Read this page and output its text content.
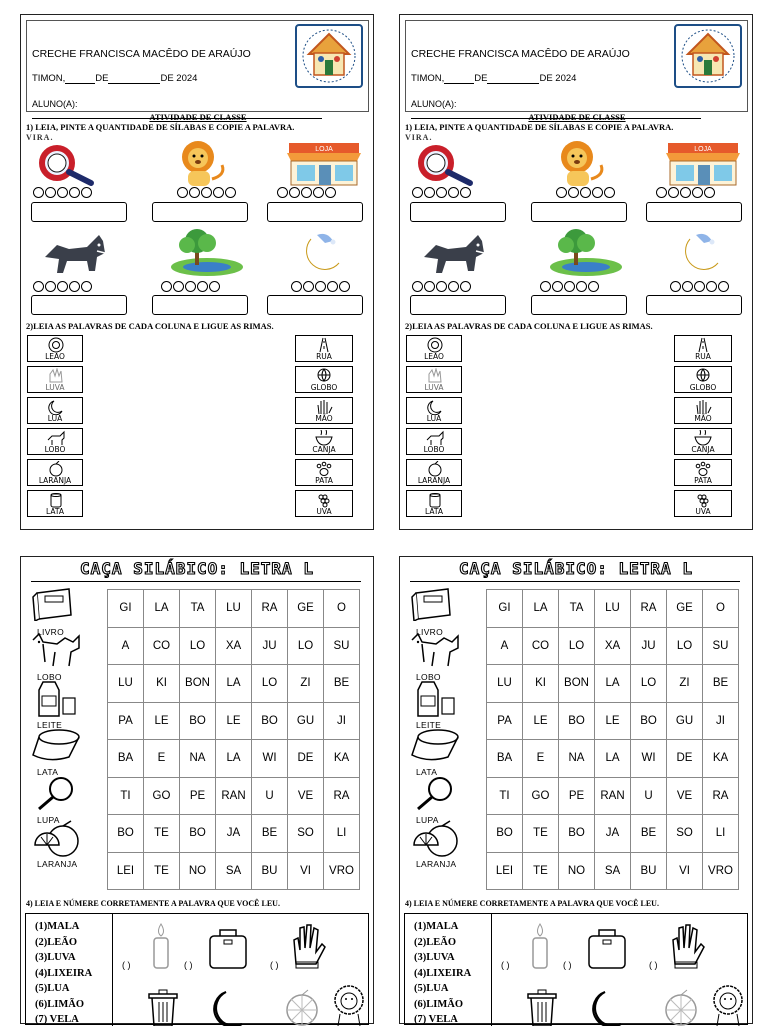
CRECHE FRANCISCA MACÊDO DE ARAÚJO
TIMON,	DE	DE 2024
ALUNO(A):
ATIVIDADE DE CLASSE
1) LEIA, PINTE A QUANTIDADE DE SÍLABAS E COPIE A PALAVRA.
VIRA.
LOJA
2)LEIA AS PALAVRAS DE CADA COLUNA E LIGUE AS RIMAS.
LEÃO
LUVA
LUA
LOBO
LARANJA
LATA
RUA
GLOBO
MÃO
CANJA
PATA
UVA
CRECHE FRANCISCA MACÊDO DE ARAÚJO
TIMON,	DE	DE 2024
ALUNO(A):
ATIVIDADE DE CLASSE
1) LEIA, PINTE A QUANTIDADE DE SÍLABAS E COPIE A PALAVRA.
VIRA.
LOJA
2)LEIA AS PALAVRAS DE CADA COLUNA E LIGUE AS RIMAS.
LEÃO
LUVA
LUA
LOBO
LARANJA
LATA
RUA
GLOBO
MÃO
CANJA
PATA
UVA
CAÇA SILÁBICO: LETRA L
LIVRO
LOBO
LEITE
LATA
LUPA
LARANJA
GI	LA	TA	LU	RA	GE	O
A	CO	LO	XA	JU	LO	SU
LU	KI	BON	LA	LO	ZI	BE
PA	LE	BO	LE	BO	GU	JI
BA	E	NA	LA	WI	DE	KA
TI	GO	PE	RAN	U	VE	RA
BO	TE	BO	JA	BE	SO	LI
LEI	TE	NO	SA	BU	VI	VRO
4) LEIA E NÚMERE CORRETAMENTE A PALAVRA QUE VOCÊ LEU.
(1)MALA
(2)LEÃO
(3)LUVA
(4)LIXEIRA
(5)LUA
(6)LIMÃO
(7) VELA
( )	( )	( )
CAÇA SILÁBICO: LETRA L
LIVRO
LOBO
LEITE
LATA
LUPA
LARANJA
GI	LA	TA	LU	RA	GE	O
A	CO	LO	XA	JU	LO	SU
LU	KI	BON	LA	LO	ZI	BE
PA	LE	BO	LE	BO	GU	JI
BA	E	NA	LA	WI	DE	KA
TI	GO	PE	RAN	U	VE	RA
BO	TE	BO	JA	BE	SO	LI
LEI	TE	NO	SA	BU	VI	VRO
4) LEIA E NÚMERE CORRETAMENTE A PALAVRA QUE VOCÊ LEU.
(1)MALA
(2)LEÃO
(3)LUVA
(4)LIXEIRA
(5)LUA
(6)LIMÃO
(7) VELA
( )	( )	( )
